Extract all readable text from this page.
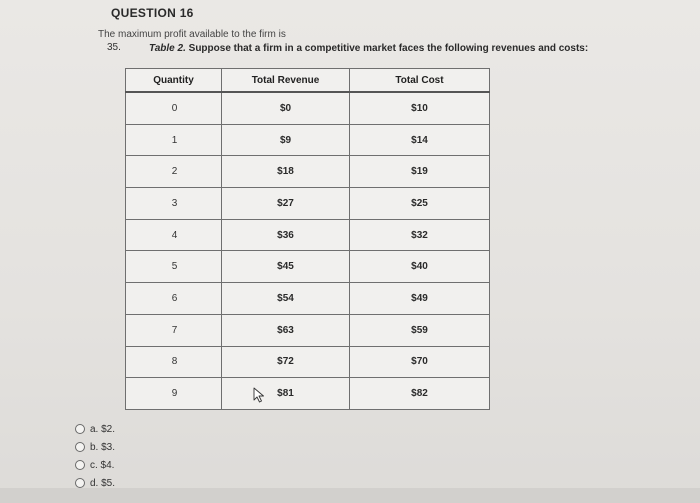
QUESTION 16
The maximum profit available to the firm is
35.	Table 2. Suppose that a firm in a competitive market faces the following revenues and costs:
Quantity	Total Revenue	Total Cost
0	$0	$10
1	$9	$14
2	$18	$19
3	$27	$25
4	$36	$32
5	$45	$40
6	$54	$49
7	$63	$59
8	$72	$70
9	$81	$82
a. $2.
b. $3.
c. $4.
d. $5.
